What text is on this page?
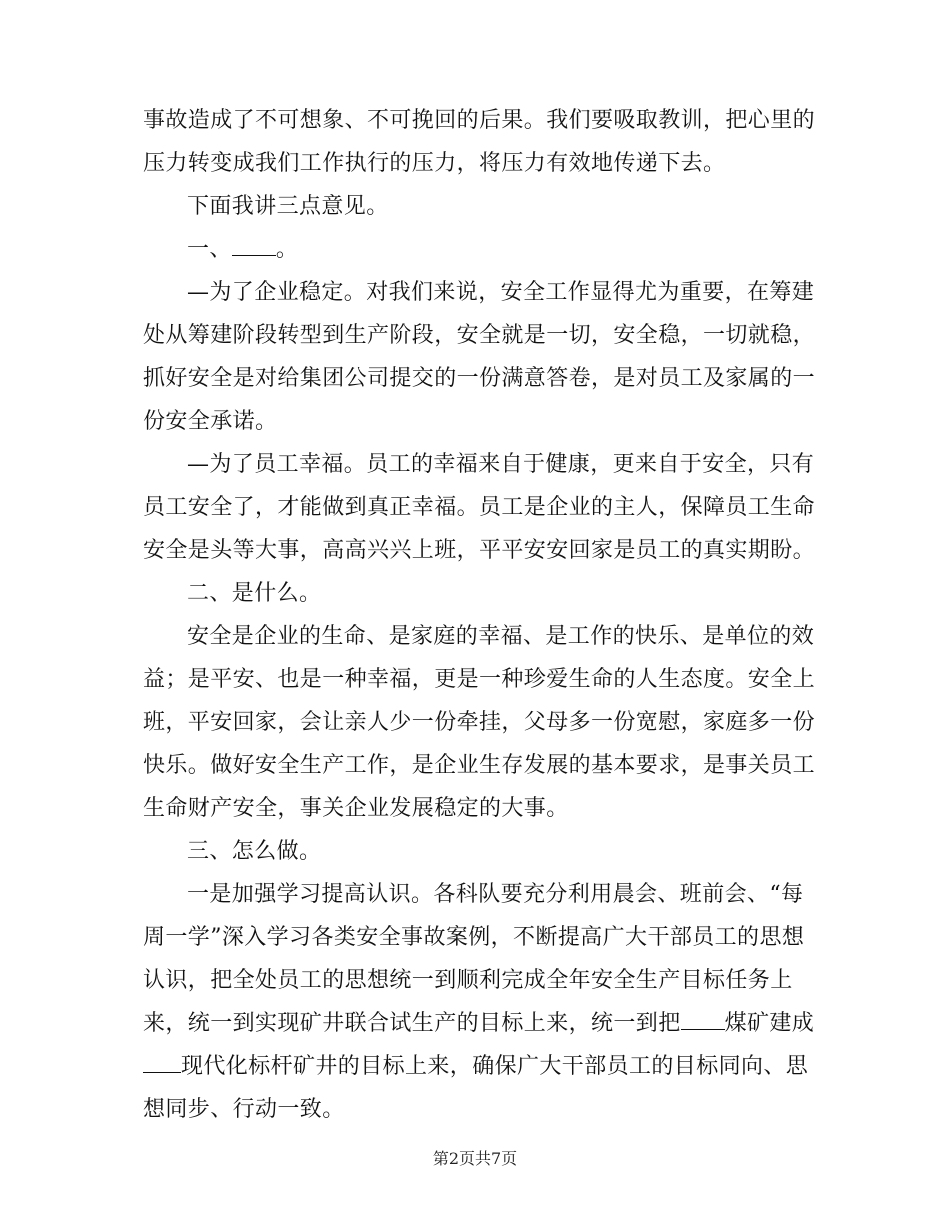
事故造成了不可想象、不可挽回的后果。我们要吸取教训，把心里的
压力转变成我们工作执行的压力，将压力有效地传递下去。
下面我讲三点意见。
一、 。
—为了企业稳定。对我们来说，安全工作显得尤为重要，在筹建
处从筹建阶段转型到生产阶段，安全就是一切，安全稳，一切就稳，
抓好安全是对给集团公司提交的一份满意答卷，是对员工及家属的一
份安全承诺。
—为了员工幸福。员工的幸福来自于健康，更来自于安全，只有
员工安全了，才能做到真正幸福。员工是企业的主人，保障员工生命
安全是头等大事，高高兴兴上班，平平安安回家是员工的真实期盼。
二、是什么。
安全是企业的生命、是家庭的幸福、是工作的快乐、是单位的效
益；是平安、也是一种幸福，更是一种珍爱生命的人生态度。安全上
班，平安回家，会让亲人少一份牵挂，父母多一份宽慰，家庭多一份
快乐。做好安全生产工作，是企业生存发展的基本要求，是事关员工
生命财产安全，事关企业发展稳定的大事。
三、怎么做。
一是加强学习提高认识。各科队要充分利用晨会、班前会、“每
周一学”深入学习各类安全事故案例，不断提高广大干部员工的思想
认识，把全处员工的思想统一到顺利完成全年安全生产目标任务上
来，统一到实现矿井联合试生产的目标上来，统一到把 煤矿建成
现代化标杆矿井的目标上来，确保广大干部员工的目标同向、思
想同步、行动一致。
第2页共7页
